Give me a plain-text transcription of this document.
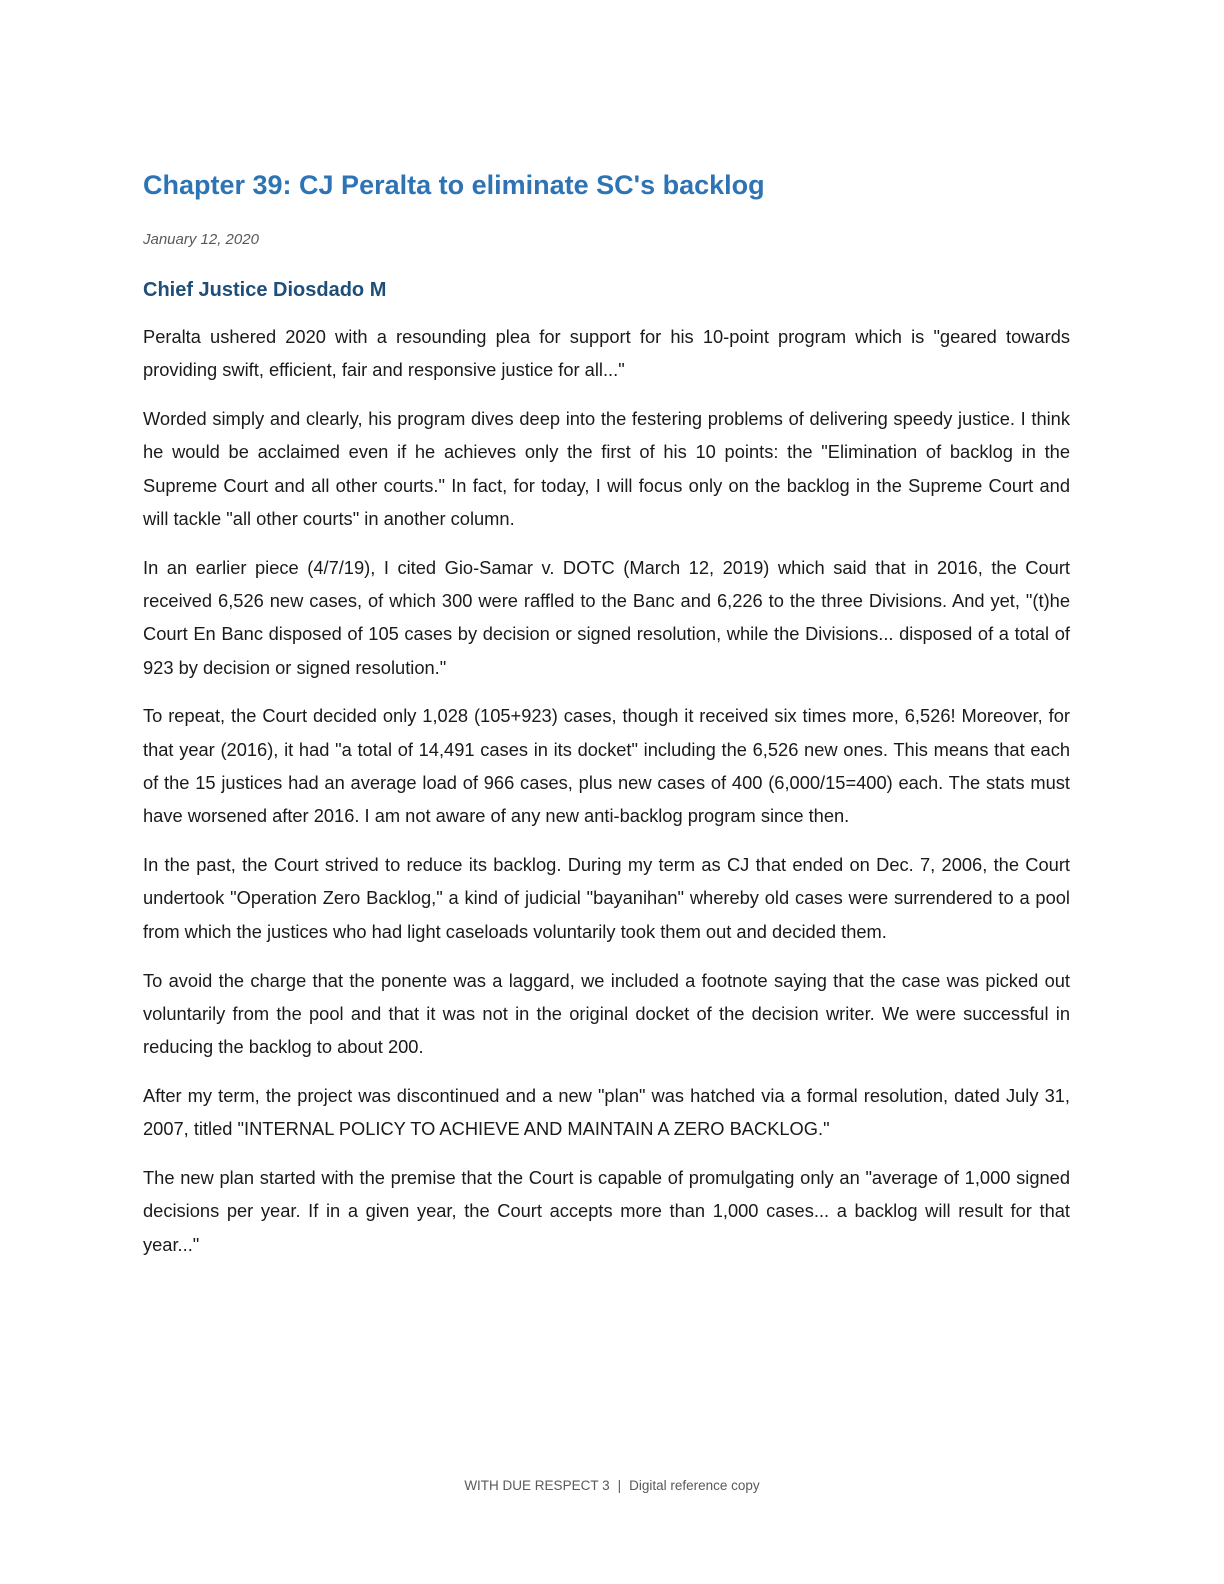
Chapter 39: CJ Peralta to eliminate SC's backlog
January 12, 2020
Chief Justice Diosdado M

Peralta ushered 2020 with a resounding plea for support for his 10-point program which is "geared towards providing swift, efficient, fair and responsive justice for all..."

Worded simply and clearly, his program dives deep into the festering problems of delivering speedy justice. I think he would be acclaimed even if he achieves only the first of his 10 points: the "Elimination of backlog in the Supreme Court and all other courts." In fact, for today, I will focus only on the backlog in the Supreme Court and will tackle "all other courts" in another column.

In an earlier piece (4/7/19), I cited Gio-Samar v. DOTC (March 12, 2019) which said that in 2016, the Court received 6,526 new cases, of which 300 were raffled to the Banc and 6,226 to the three Divisions. And yet, "(t)he Court En Banc disposed of 105 cases by decision or signed resolution, while the Divisions... disposed of a total of 923 by decision or signed resolution."

To repeat, the Court decided only 1,028 (105+923) cases, though it received six times more, 6,526! Moreover, for that year (2016), it had "a total of 14,491 cases in its docket" including the 6,526 new ones. This means that each of the 15 justices had an average load of 966 cases, plus new cases of 400 (6,000/15=400) each. The stats must have worsened after 2016. I am not aware of any new anti-backlog program since then.

In the past, the Court strived to reduce its backlog. During my term as CJ that ended on Dec. 7, 2006, the Court undertook "Operation Zero Backlog," a kind of judicial "bayanihan" whereby old cases were surrendered to a pool from which the justices who had light caseloads voluntarily took them out and decided them.

To avoid the charge that the ponente was a laggard, we included a footnote saying that the case was picked out voluntarily from the pool and that it was not in the original docket of the decision writer. We were successful in reducing the backlog to about 200.

After my term, the project was discontinued and a new "plan" was hatched via a formal resolution, dated July 31, 2007, titled "INTERNAL POLICY TO ACHIEVE AND MAINTAIN A ZERO BACKLOG."

The new plan started with the premise that the Court is capable of promulgating only an "average of 1,000 signed decisions per year. If in a given year, the Court accepts more than 1,000 cases... a backlog will result for that year..."

WITH DUE RESPECT 3 | Digital reference copy
